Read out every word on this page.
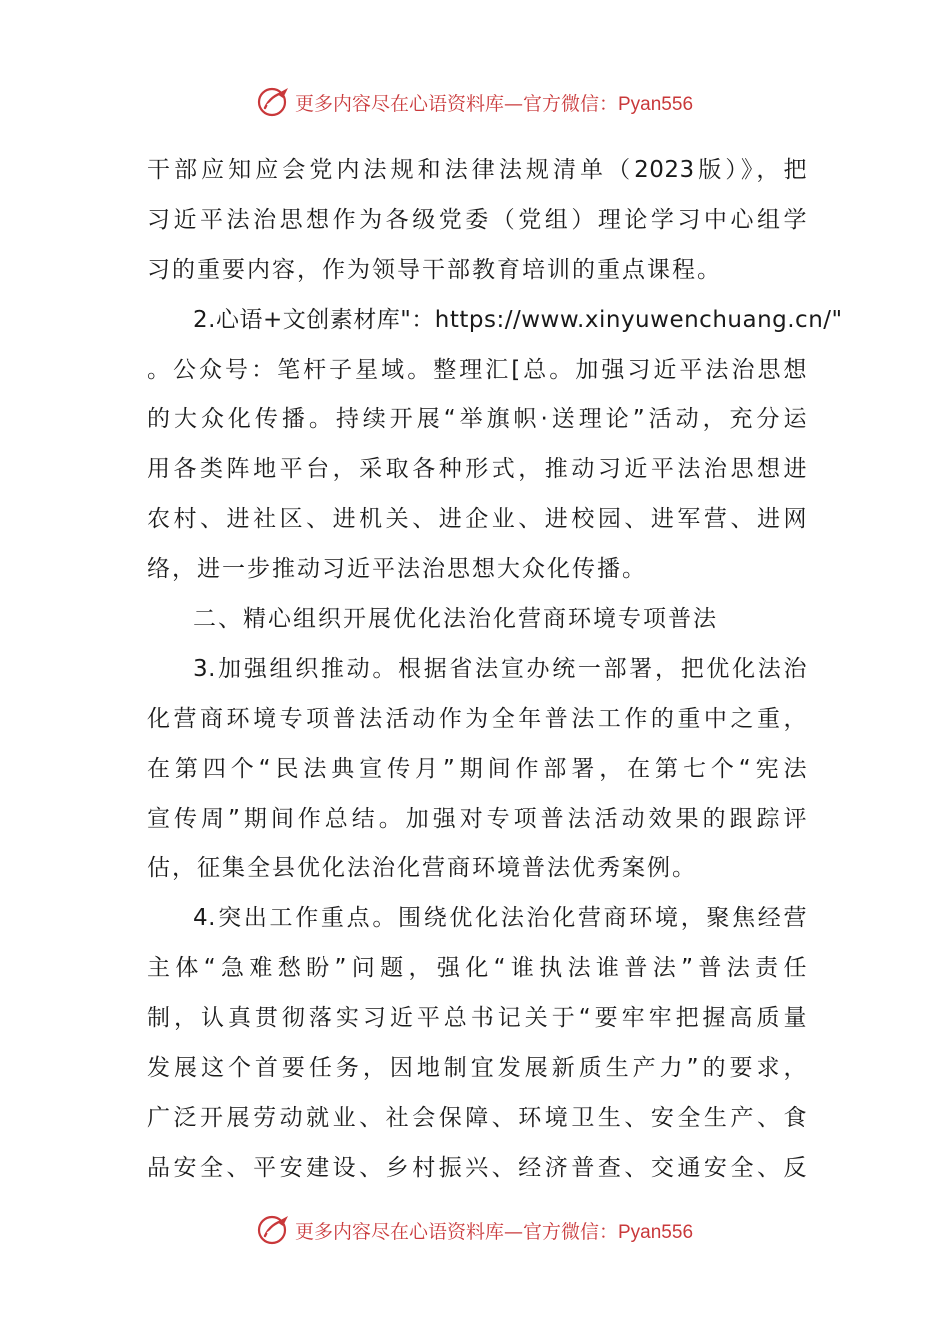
更多内容尽在心语资料库—官方微信：Pyan556
干部应知应会党内法规和法律法规清单（2023版）》，把
习近平法治思想作为各级党委（党组）理论学习中心组学
习的重要内容，作为领导干部教育培训的重点课程。
2.心语+文创素材库"：https://www.xinyuwenchuang.cn/"
。公众号：笔杆子星域。整理汇[总。加强习近平法治思想
的大众化传播。持续开展“举旗帜·送理论”活动，充分运
用各类阵地平台，采取各种形式，推动习近平法治思想进
农村、进社区、进机关、进企业、进校园、进军营、进网
络，进一步推动习近平法治思想大众化传播。
二、精心组织开展优化法治化营商环境专项普法
3.加强组织推动。根据省法宣办统一部署，把优化法治
化营商环境专项普法活动作为全年普法工作的重中之重，
在第四个“民法典宣传月”期间作部署，在第七个“宪法
宣传周”期间作总结。加强对专项普法活动效果的跟踪评
估，征集全县优化法治化营商环境普法优秀案例。
4.突出工作重点。围绕优化法治化营商环境，聚焦经营
主体“急难愁盼”问题，强化“谁执法谁普法”普法责任
制，认真贯彻落实习近平总书记关于“要牢牢把握高质量
发展这个首要任务，因地制宜发展新质生产力”的要求，
广泛开展劳动就业、社会保障、环境卫生、安全生产、食
品安全、平安建设、乡村振兴、经济普查、交通安全、反
更多内容尽在心语资料库—官方微信：Pyan556
